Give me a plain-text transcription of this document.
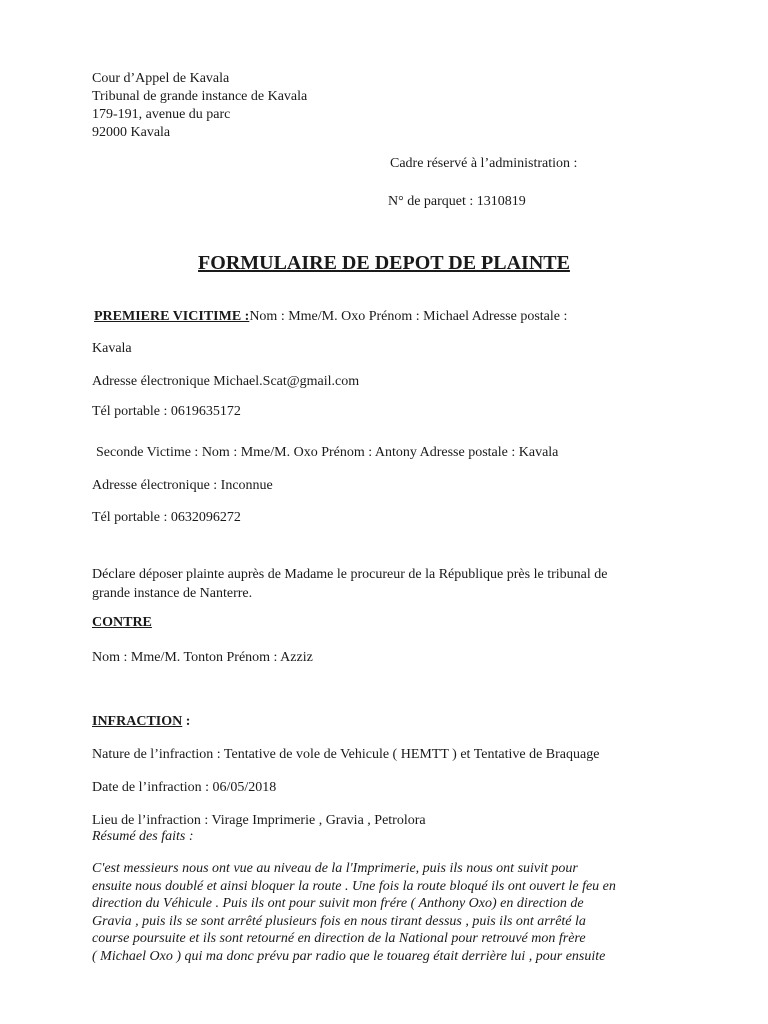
Cour d’Appel de Kavala
Tribunal de grande instance de Kavala
179-191, avenue du parc
92000 Kavala
Cadre réservé à l’administration :
N° de parquet : 1310819
FORMULAIRE DE DEPOT DE PLAINTE
PREMIERE VICITIME :Nom : Mme/M. Oxo Prénom : Michael Adresse postale :
Kavala
Adresse électronique Michael.Scat@gmail.com
Tél portable : 0619635172
Seconde Victime : Nom : Mme/M. Oxo Prénom : Antony Adresse postale : Kavala
Adresse électronique : Inconnue
Tél portable : 0632096272
Déclare déposer plainte auprès de Madame le procureur de la République près le tribunal de
grande instance de Nanterre.
CONTRE
Nom : Mme/M. Tonton Prénom : Azziz
INFRACTION :
Nature de l’infraction : Tentative de vole de Vehicule ( HEMTT ) et Tentative de Braquage
Date de l’infraction : 06/05/2018
Lieu de l’infraction : Virage Imprimerie , Gravia , Petrolora
Résumé des faits :
C'est messieurs nous ont vue au niveau de la l'Imprimerie, puis ils nous ont suivit pour
ensuite nous doublé et ainsi bloquer la route . Une fois la route bloqué ils ont ouvert le feu en
direction du Véhicule . Puis ils ont pour suivit mon frére ( Anthony Oxo) en direction de
Gravia , puis ils se sont arrêté plusieurs fois en nous tirant dessus , puis ils ont arrêté la
course poursuite et ils sont retourné en direction de la National pour retrouvé mon frère
( Michael Oxo ) qui ma donc prévu par radio que le touareg était derrière lui , pour ensuite
